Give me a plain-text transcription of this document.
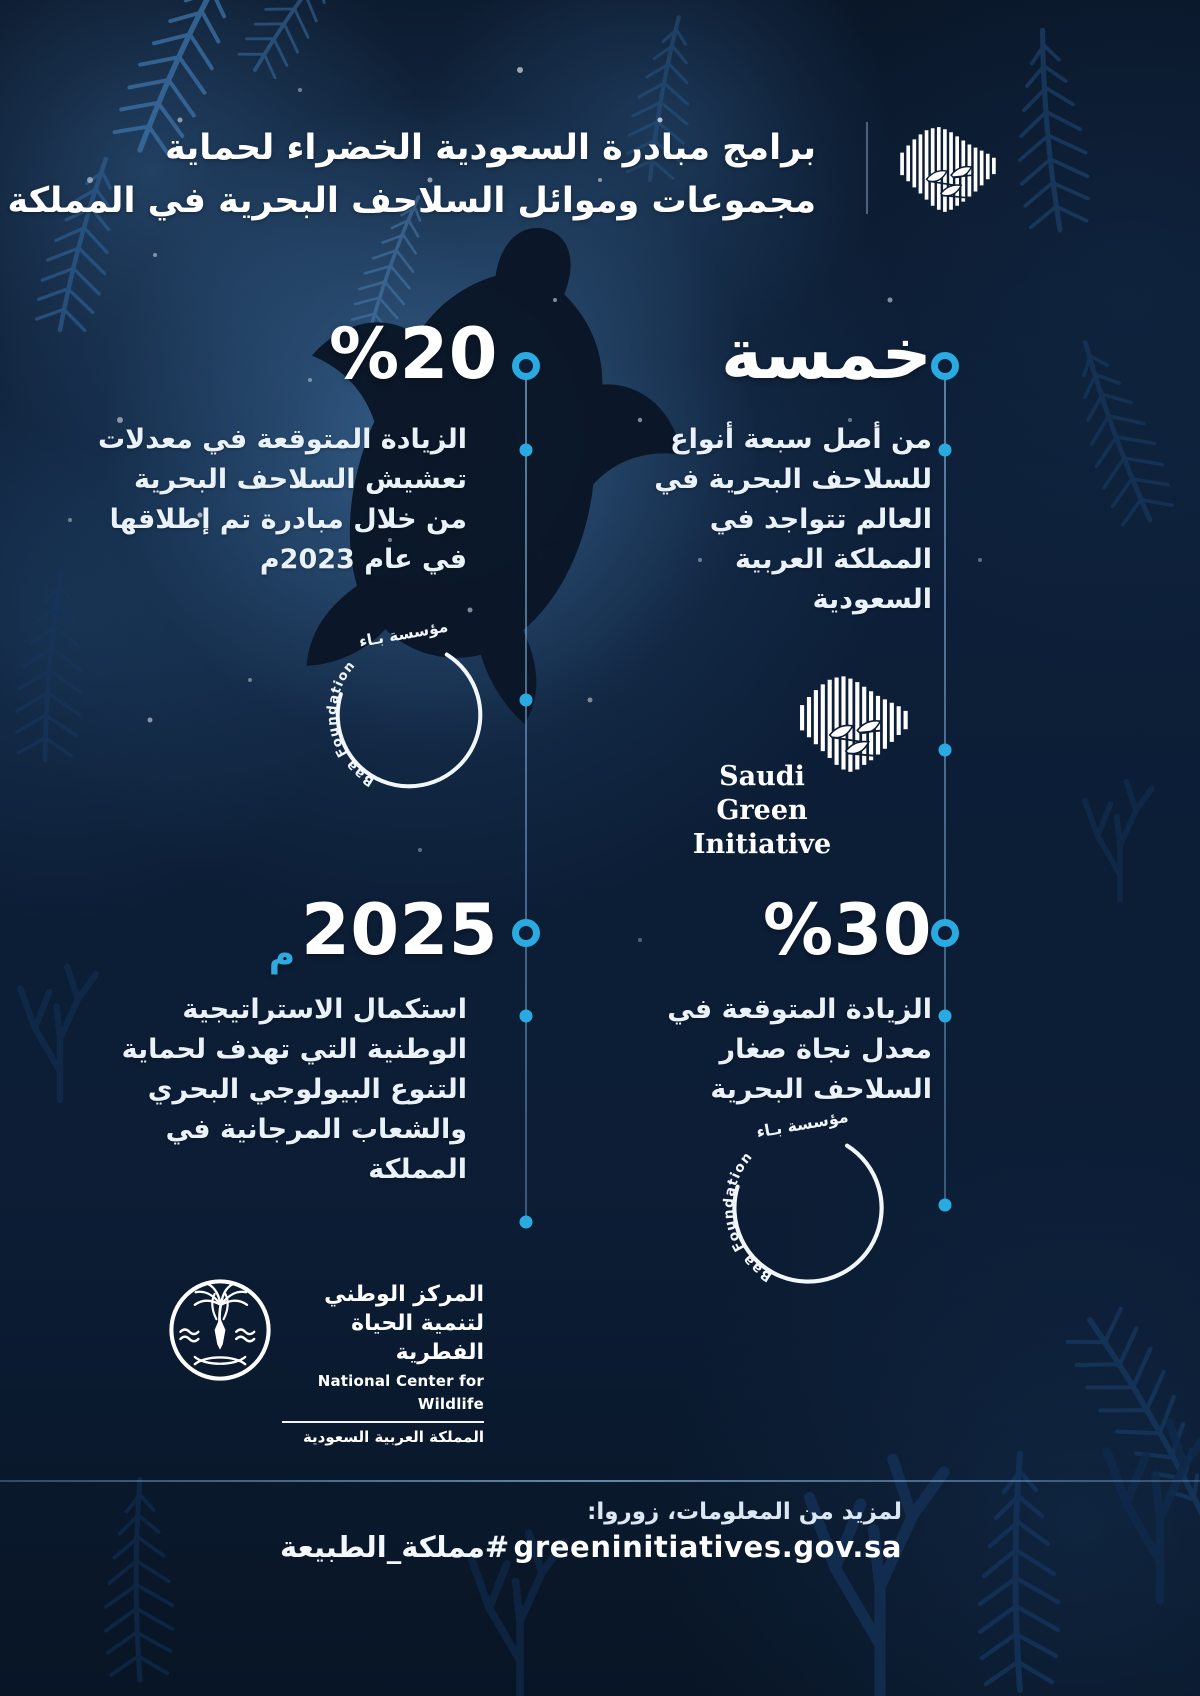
برامج مبادرة السعودية الخضراء لحماية
مجموعات وموائل السلاحف البحرية في المملكة
خمسة
من أصل سبعة أنواع للسلاحف البحرية في العالم تتواجد في المملكة العربية السعودية
%20
الزيادة المتوقعة في معدلات تعشيش السلاحف البحرية من خلال مبادرة تم إطلاقها في عام 2023م
Saudi
Green Initiative
%30
الزيادة المتوقعة في معدل نجاة صغار السلاحف البحرية
2025م
استكمال الاستراتيجية الوطنية التي تهدف لحماية التنوع البيولوجي البحري والشعاب المرجانية في المملكة
المركز الوطني
لتنمية الحياة الفطرية
National Center for Wildlife
المملكة العربية السعودية
لمزيد من المعلومات، زوروا:
greeninitiatives.gov.sa
#مملكة_الطبيعة
